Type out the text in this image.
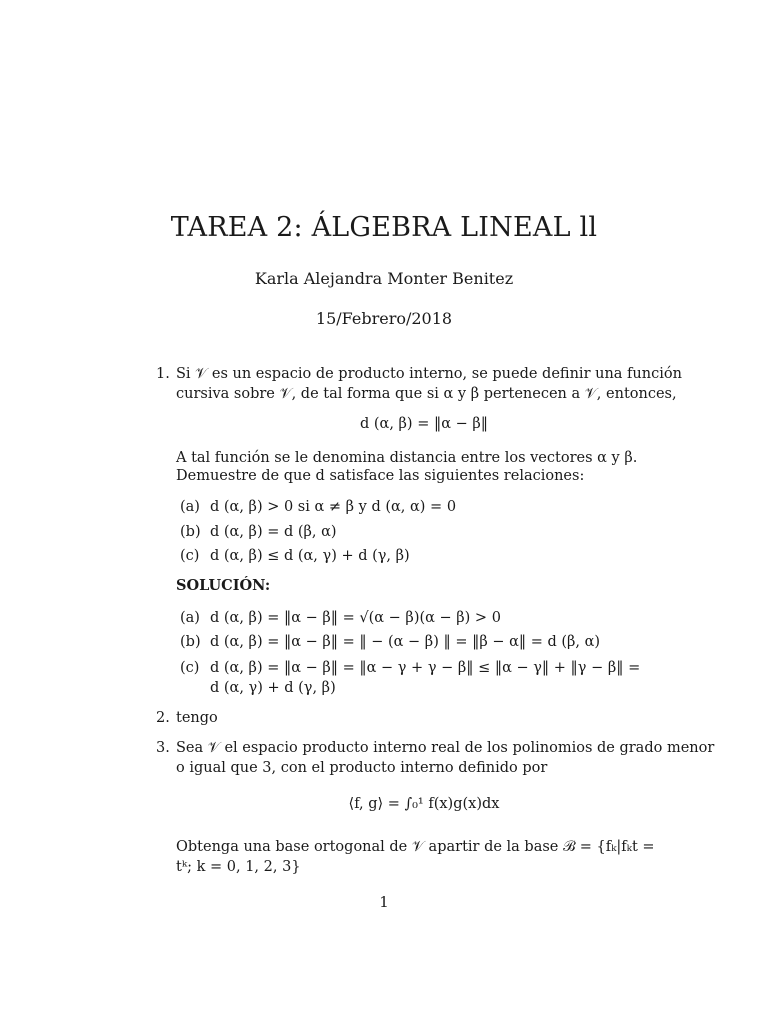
TAREA 2: ÁLGEBRA LINEAL ll
Karla Alejandra Monter Benitez
15/Febrero/2018
1. Si 𝒱 es un espacio de producto interno, se puede definir una función
cursiva sobre 𝒱, de tal forma que si α y β pertenecen a 𝒱, entonces,
d (α, β) = ‖α − β‖
A tal función se le denomina distancia entre los vectores α y β.
Demuestre de que d satisface las siguientes relaciones:
(a) d (α, β) > 0 si α ≠ β y d (α, α) = 0
(b) d (α, β) = d (β, α)
(c) d (α, β) ≤ d (α, γ) + d (γ, β)
SOLUCIÓN:
(a) d (α, β) = ‖α − β‖ = √(α − β)(α − β) > 0
(b) d (α, β) = ‖α − β‖ = ‖ − (α − β) ‖ = ‖β − α‖ = d (β, α)
(c) d (α, β) = ‖α − β‖ = ‖α − γ + γ − β‖ ≤ ‖α − γ‖ + ‖γ − β‖ =
d (α, γ) + d (γ, β)
2. tengo
3. Sea 𝒱 el espacio producto interno real de los polinomios de grado menor
o igual que 3, con el producto interno definido por
⟨f, g⟩ = ∫₀¹ f(x)g(x)dx
Obtenga una base ortogonal de 𝒱 apartir de la base ℬ = {fₖ|fₖt =
tᵏ; k = 0, 1, 2, 3}
1
